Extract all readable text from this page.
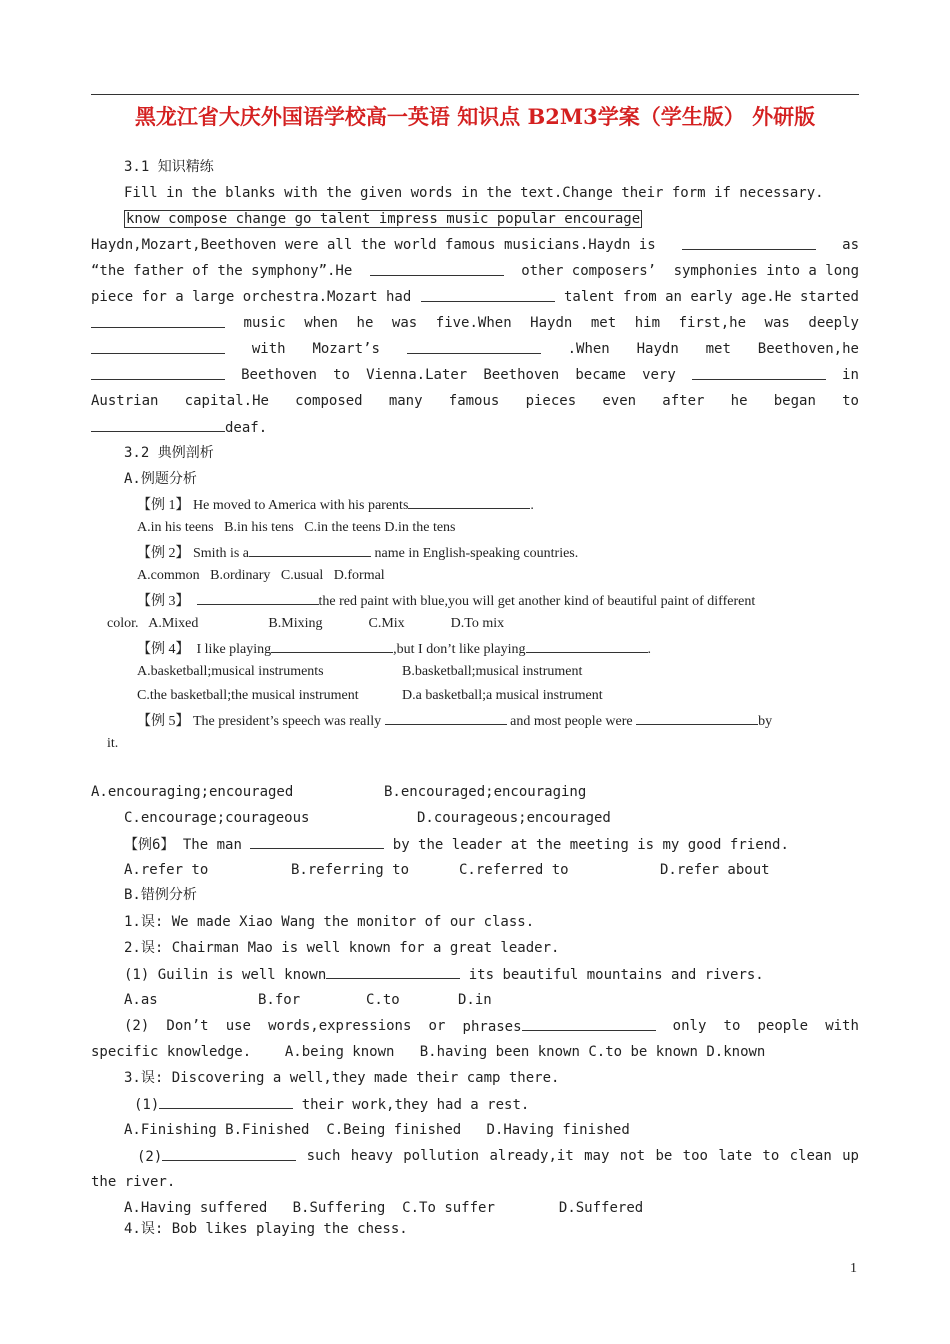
黑龙江省大庆外国语学校高一英语 知识点 B2M3学案（学生版） 外研版
3.1 知识精练
Fill in the blanks with the given words in the text.Change their form if necessary.
know compose change go talent impress music popular encourage
Haydn,Mozart,Beethoven were all the world famous musicians.Haydn is	as
“the father of the symphony”.He	other composers’ symphonies into a long
piece for a large orchestra.Mozart had	talent from an early age.He started
music when he was five.When Haydn met him first,he was deeply
with Mozart’s	.When Haydn met Beethoven,he
Beethoven to Vienna.Later Beethoven became very	in
Austrian capital.He composed many famous pieces even after he began to
deaf.
3.2 典例剖析
A.例题分析
【例 1】 He moved to America with his parents	.
A.in his teens B.in his tens C.in the teens D.in the tens
【例 2】 Smith is a	name in English-speaking countries.
A.common B.ordinary C.usual D.formal
【例 3】	the red paint with blue,you will get another kind of beautiful paint of different
color. A.Mixed	B.Mixing	C.Mix	D.To mix
【例 4】 I like playing	,but I don’t like playing	.
A.basketball;musical instruments	B.basketball;musical instrument
C.the basketball;the musical instrument	D.a basketball;a musical instrument
【例 5】 The president’s speech was really	and most people were	by
it.
A.encouraging;encouraged	B.encouraged;encouraging
C.encourage;courageous	D.courageous;encouraged
【例6】 The man	by the leader at the meeting is my good friend.
A.refer to	B.referring to	C.referred to	D.refer about
B.错例分析
1.误: We made Xiao Wang the monitor of our class.
2.误: Chairman Mao is well known for a great leader.
(1) Guilin is well known	its beautiful mountains and rivers.
A.as	B.for	C.to	D.in
(2) Don’t use words,expressions or phrases	only to people with
specific knowledge. A.being known B.having been known C.to be known D.known
3.误: Discovering a well,they made their camp there.
(1)	their work,they had a rest.
A.Finishing B.Finished C.Being finished D.Having finished
(2)	such heavy pollution already,it may not be too late to clean up
the river.
A.Having suffered B.Suffering C.To suffer	D.Suffered
4.误: Bob likes playing the chess.
1
